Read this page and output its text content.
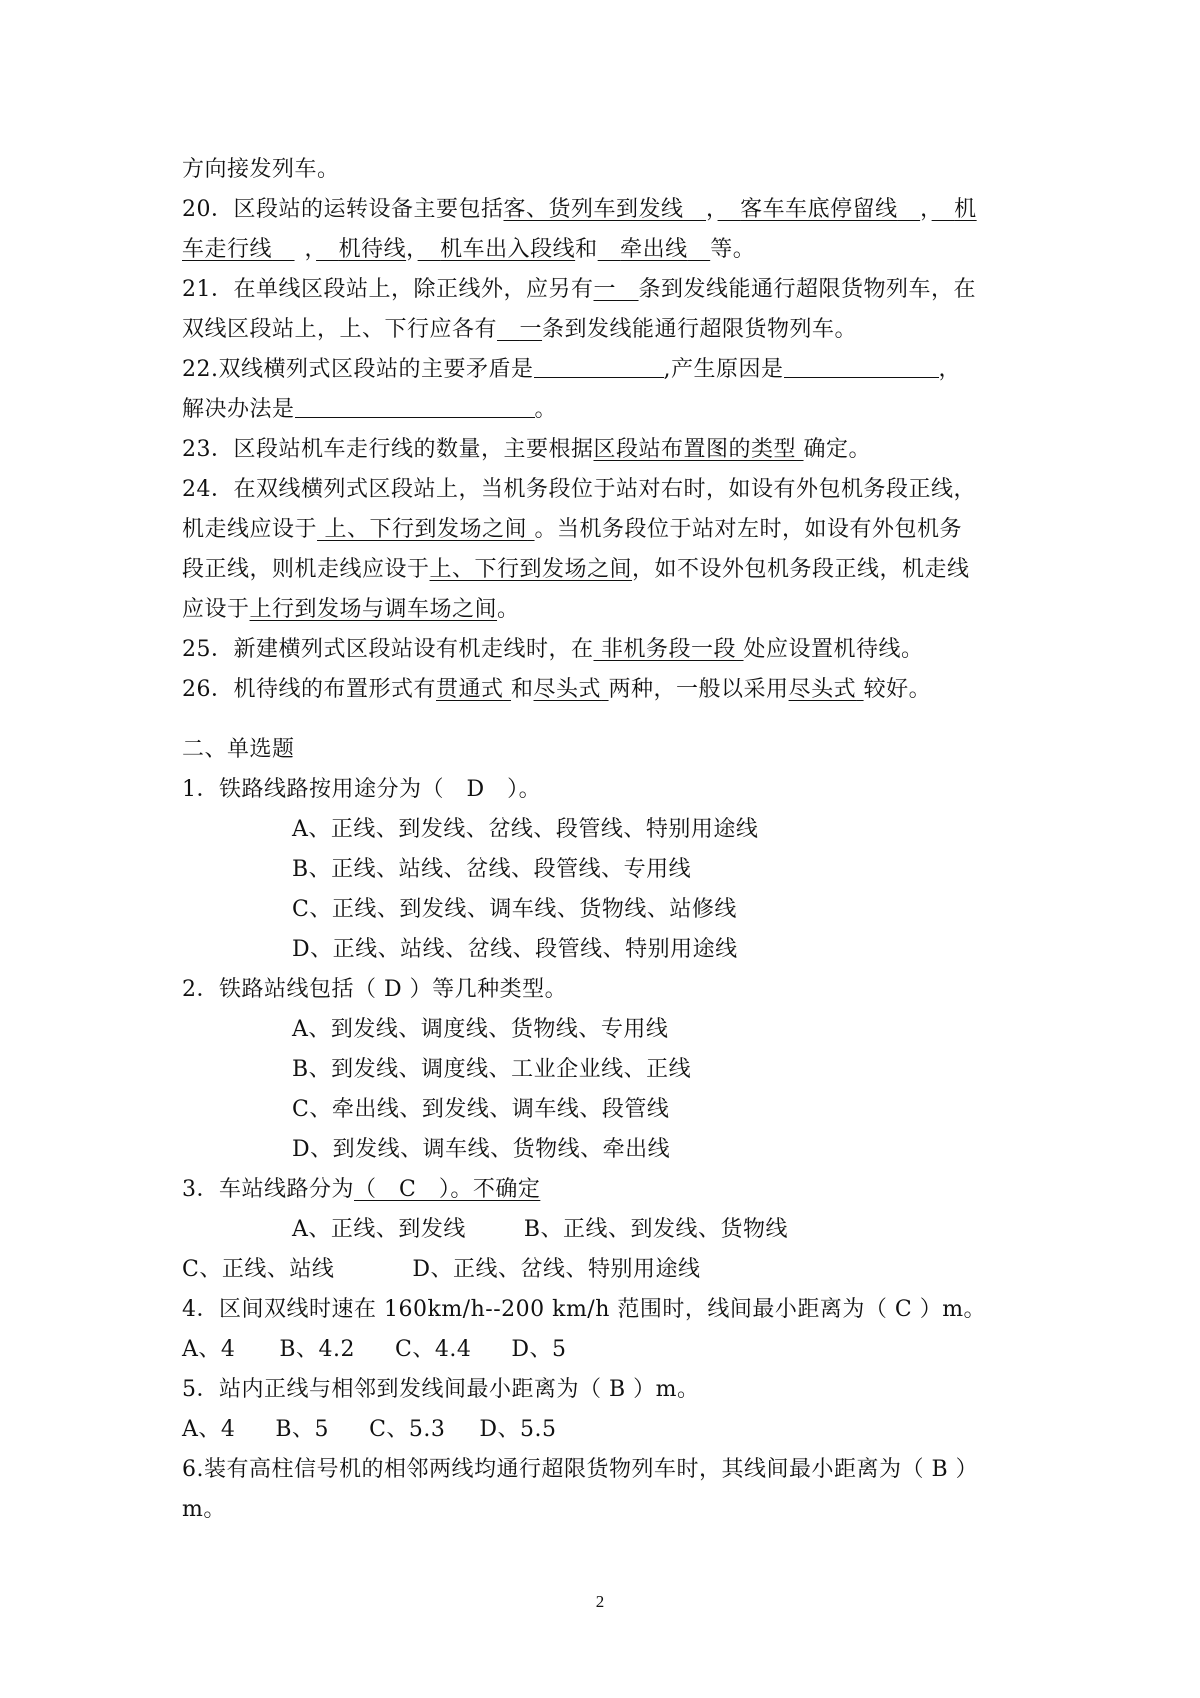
方向接发列车。
20．区段站的运转设备主要包括客、货列车到发线　 ，　 客车车底停留线　 ，　 机
车走行线　 ，　 机待线，　 机车出入段线和　 牵出线　 等。
21．在单线区段站上，除正线外，应另有一　 条到发线能通行超限货物列车，在
双线区段站上，上、下行应各有　 一条到发线能通行超限货物列车。
22.双线横列式区段站的主要矛盾是	,产生原因是	，
解决办法是	。
23．区段站机车走行线的数量，主要根据区段站布置图的类型 确定。
24．在双线横列式区段站上，当机务段位于站对右时，如设有外包机务段正线，
机走线应设于 上、下行到发场之间 。当机务段位于站对左时，如设有外包机务
段正线，则机走线应设于上、下行到发场之间，如不设外包机务段正线，机走线
应设于上行到发场与调车场之间。
25．新建横列式区段站设有机走线时，在 非机务段一段 处应设置机待线。
26．机待线的布置形式有贯通式 和尽头式 两种，一般以采用尽头式 较好。
二、单选题
1．铁路线路按用途分为（　D　）。
A、正线、到发线、岔线、段管线、特别用途线
B、正线、站线、岔线、段管线、专用线
C、正线、到发线、调车线、货物线、站修线
D、正线、站线、岔线、段管线、特别用途线
2．铁路站线包括（ D ）等几种类型。
A、到发线、调度线、货物线、专用线
B、到发线、调度线、工业企业线、正线
C、牵出线、到发线、调车线、段管线
D、到发线、调车线、货物线、牵出线
3．车站线路分为（　C　）。不确定
A、正线、到发线	B、正线、到发线、货物线
C、正线、站线	D、正线、岔线、特别用途线
4．区间双线时速在 160km/h--200 km/h 范围时，线间最小距离为（ C ）m。
A、4 B、4.2 C、4.4 D、5
5．站内正线与相邻到发线间最小距离为（ B ）m。
A、4 B、5 C、5.3 D、5.5
6.装有高柱信号机的相邻两线均通行超限货物列车时，其线间最小距离为（ B ）
m。
2
